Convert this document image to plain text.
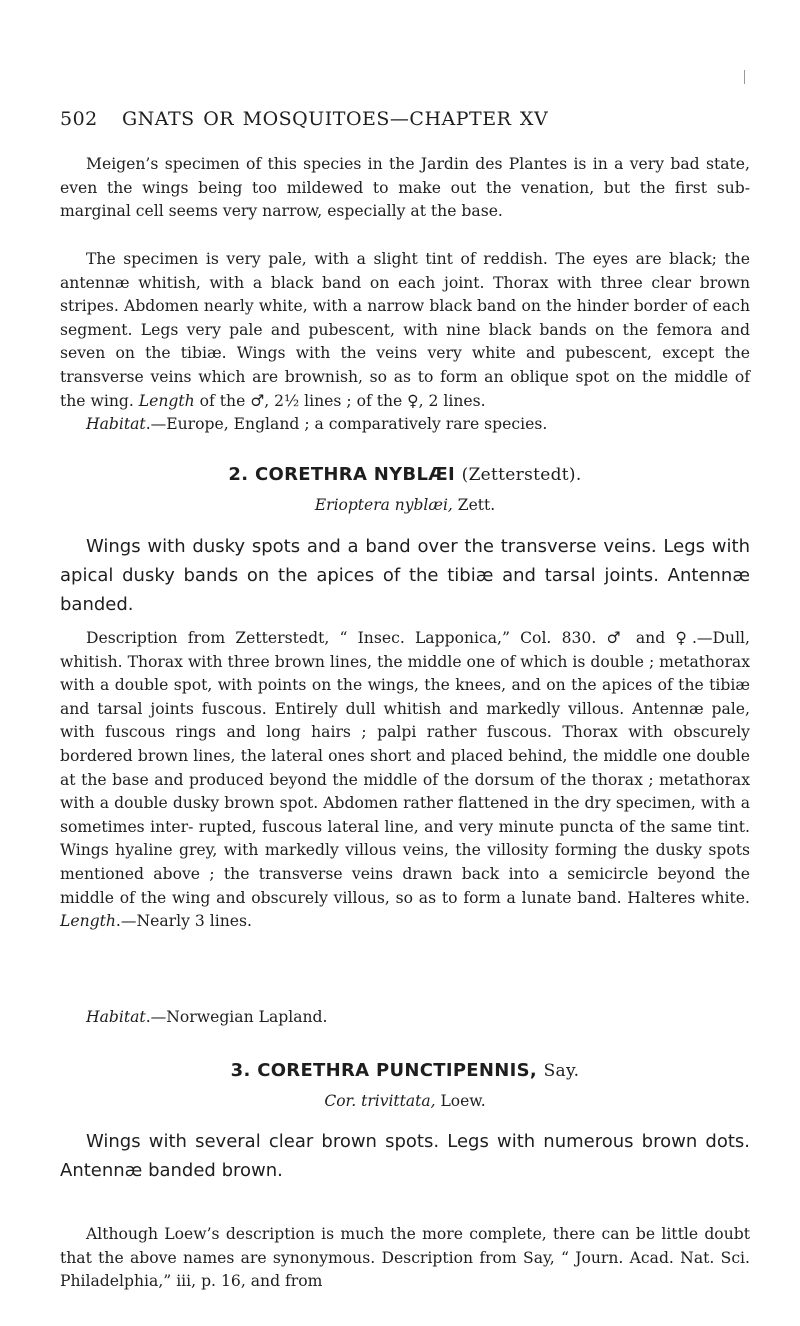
502 GNATS OR MOSQUITOES—CHAPTER XV

Meigen’s specimen of this species in the Jardin des Plantes is in a very bad state, even the wings being too mildewed to make out the venation, but the first sub-marginal cell seems very narrow, especially at the base.

The specimen is very pale, with a slight tint of reddish. The eyes are black; the antennæ whitish, with a black band on each joint. Thorax with three clear brown stripes. Abdomen nearly white, with a narrow black band on the hinder border of each segment. Legs very pale and pubescent, with nine black bands on the femora and seven on the tibiæ. Wings with the veins very white and pubescent, except the transverse veins which are brownish, so as to form an oblique spot on the middle of the wing. Length of the ♂, 2½ lines ; of the ♀, 2 lines.

Habitat.—Europe, England ; a comparatively rare species.

2. CORETHRA NYBLÆI (Zetterstedt).
Erioptera nyblæi, Zett.

Wings with dusky spots and a band over the transverse veins. Legs with apical dusky bands on the apices of the tibiæ and tarsal joints. Antennæ banded.

Description from Zetterstedt, “ Insec. Lapponica,” Col. 830. ♂ and ♀.—Dull, whitish. Thorax with three brown lines, the middle one of which is double ; metathorax with a double spot, with points on the wings, the knees, and on the apices of the tibiæ and tarsal joints fuscous. Entirely dull whitish and markedly villous. Antennæ pale, with fuscous rings and long hairs ; palpi rather fuscous. Thorax with obscurely bordered brown lines, the lateral ones short and placed behind, the middle one double at the base and produced beyond the middle of the dorsum of the thorax ; metathorax with a double dusky brown spot. Abdomen rather flattened in the dry specimen, with a sometimes inter- rupted, fuscous lateral line, and very minute puncta of the same tint. Wings hyaline grey, with markedly villous veins, the villosity forming the dusky spots mentioned above ; the transverse veins drawn back into a semicircle beyond the middle of the wing and obscurely villous, so as to form a lunate band. Halteres white. Length.—Nearly 3 lines.

Habitat.—Norwegian Lapland.

3. CORETHRA PUNCTIPENNIS, Say.
Cor. trivittata, Loew.

Wings with several clear brown spots. Legs with numerous brown dots. Antennæ banded brown.

Although Loew’s description is much the more complete, there can be little doubt that the above names are synonymous. Description from Say, “ Journ. Acad. Nat. Sci. Philadelphia,” iii, p. 16, and from
